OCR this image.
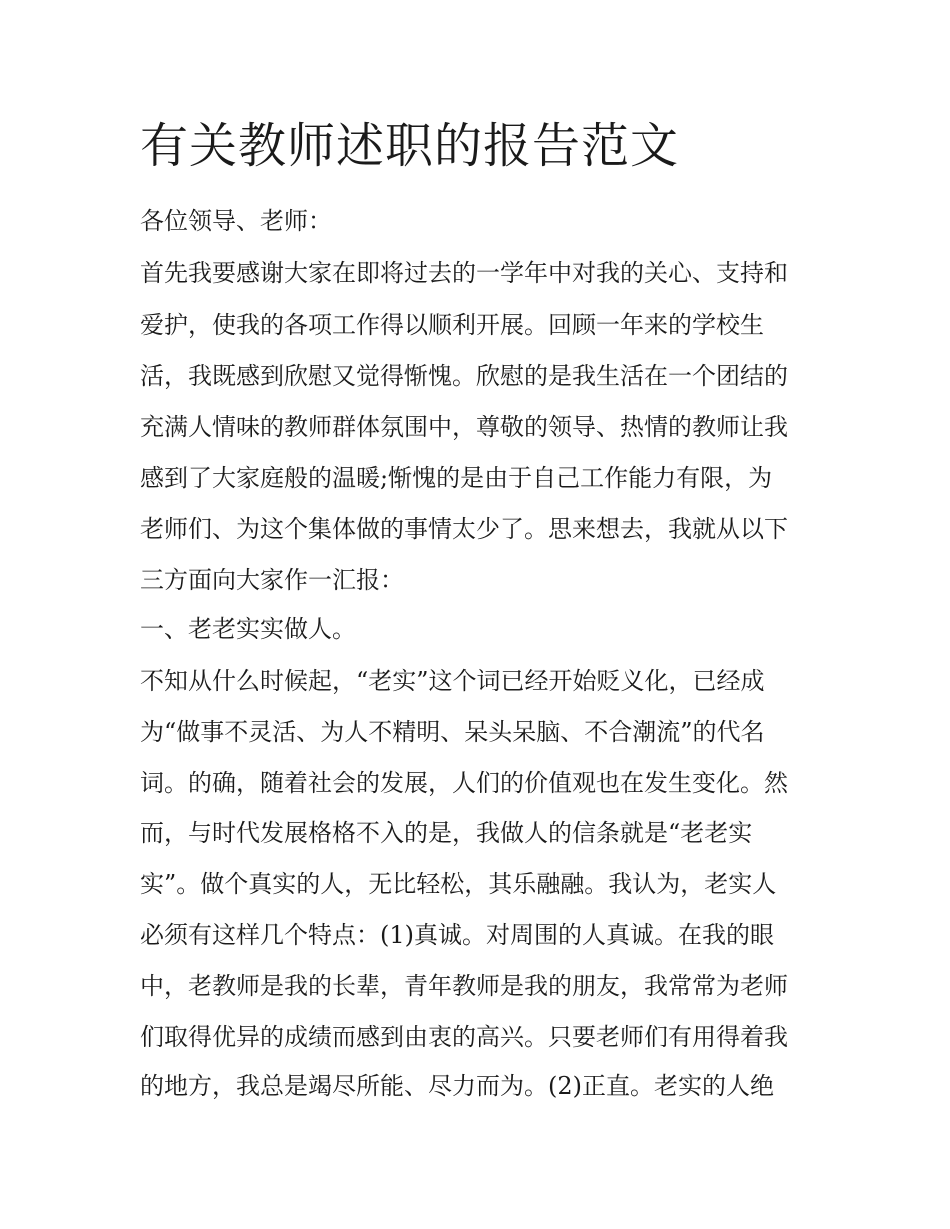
有关教师述职的报告范文

各位领导、老师：

首先我要感谢大家在即将过去的一学年中对我的关心、支持和

爱护，使我的各项工作得以顺利开展。回顾一年来的学校生

活，我既感到欣慰又觉得惭愧。欣慰的是我生活在一个团结的

充满人情味的教师群体氛围中，尊敬的领导、热情的教师让我

感到了大家庭般的温暖;惭愧的是由于自己工作能力有限，为

老师们、为这个集体做的事情太少了。思来想去，我就从以下

三方面向大家作一汇报：

一、老老实实做人。

不知从什么时候起，“老实”这个词已经开始贬义化，已经成

为“做事不灵活、为人不精明、呆头呆脑、不合潮流”的代名

词。的确，随着社会的发展，人们的价值观也在发生变化。然

而，与时代发展格格不入的是，我做人的信条就是“老老实

实”。做个真实的人，无比轻松，其乐融融。我认为，老实人

必须有这样几个特点：(1)真诚。对周围的人真诚。在我的眼

中，老教师是我的长辈，青年教师是我的朋友，我常常为老师

们取得优异的成绩而感到由衷的高兴。只要老师们有用得着我

的地方，我总是竭尽所能、尽力而为。(2)正直。老实的人绝
